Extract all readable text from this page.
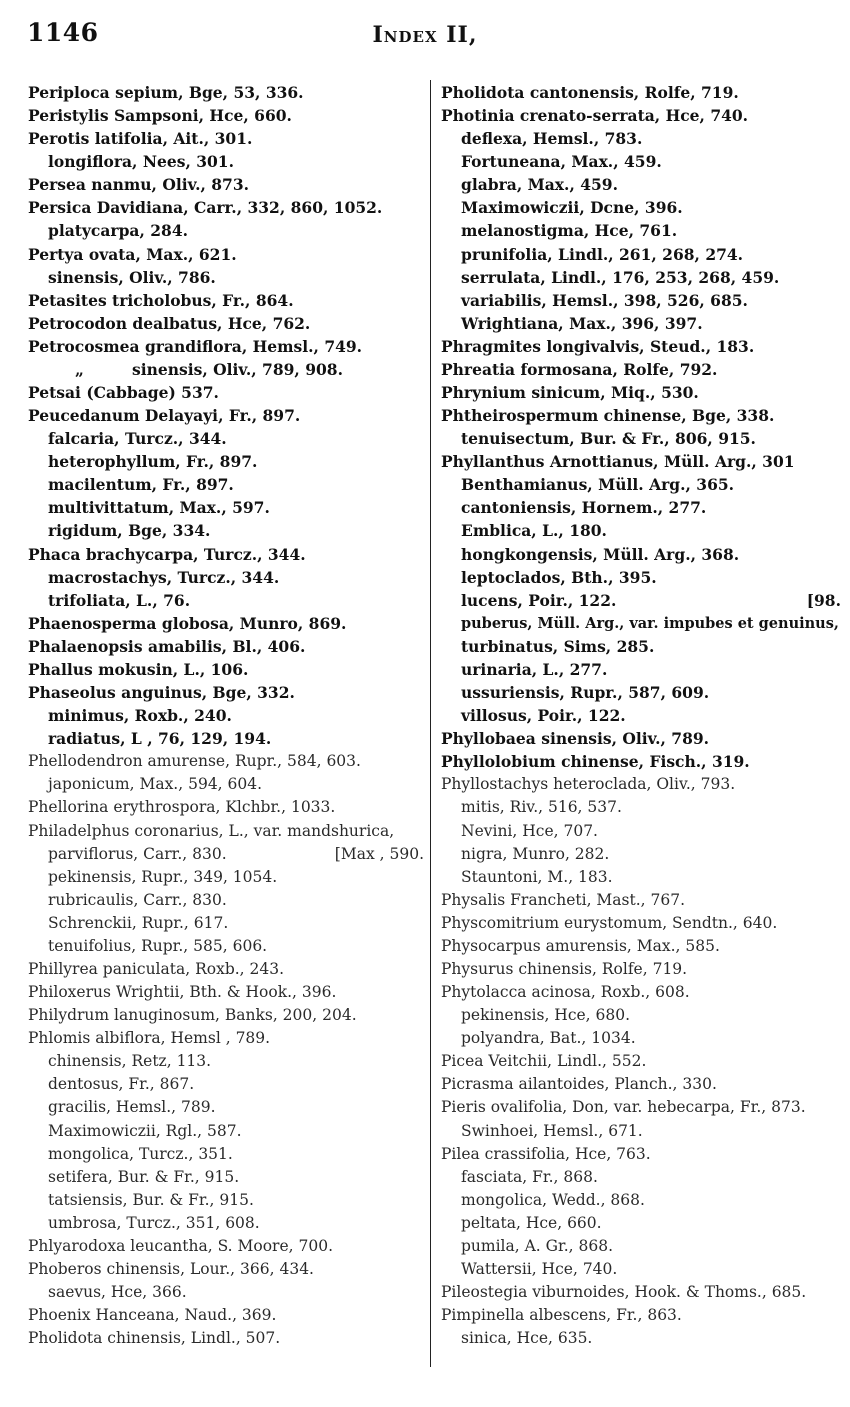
1146	Index II,
Periploca sepium, Bge, 53, 336.
Peristylis Sampsoni, Hce, 660.
Perotis latifolia, Ait., 301.
longiflora, Nees, 301.
Persea nanmu, Oliv., 873.
Persica Davidiana, Carr., 332, 860, 1052.
platycarpa, 284.
Pertya ovata, Max., 621.
sinensis, Oliv., 786.
Petasites tricholobus, Fr., 864.
Petrocodon dealbatus, Hce, 762.
Petrocosmea grandiflora, Hemsl., 749.
„	sinensis, Oliv., 789, 908.
Petsai (Cabbage) 537.
Peucedanum Delayayi, Fr., 897.
falcaria, Turcz., 344.
heterophyllum, Fr., 897.
macilentum, Fr., 897.
multivittatum, Max., 597.
rigidum, Bge, 334.
Phaca brachycarpa, Turcz., 344.
macrostachys, Turcz., 344.
trifoliata, L., 76.
Phaenosperma globosa, Munro, 869.
Phalaenopsis amabilis, Bl., 406.
Phallus mokusin, L., 106.
Phaseolus anguinus, Bge, 332.
minimus, Roxb., 240.
radiatus, L , 76, 129, 194.
Phellodendron amurense, Rupr., 584, 603.
japonicum, Max., 594, 604.
Phellorina erythrospora, Klchbr., 1033.
Philadelphus coronarius, L., var. mandshurica,
parviflorus, Carr., 830.	[Max , 590.
pekinensis, Rupr., 349, 1054.
rubricaulis, Carr., 830.
Schrenckii, Rupr., 617.
tenuifolius, Rupr., 585, 606.
Phillyrea paniculata, Roxb., 243.
Philoxerus Wrightii, Bth. & Hook., 396.
Philydrum lanuginosum, Banks, 200, 204.
Phlomis albiflora, Hemsl , 789.
chinensis, Retz, 113.
dentosus, Fr., 867.
gracilis, Hemsl., 789.
Maximowiczii, Rgl., 587.
mongolica, Turcz., 351.
setifera, Bur. & Fr., 915.
tatsiensis, Bur. & Fr., 915.
umbrosa, Turcz., 351, 608.
Phlyarodoxa leucantha, S. Moore, 700.
Phoberos chinensis, Lour., 366, 434.
saevus, Hce, 366.
Phoenix Hanceana, Naud., 369.
Pholidota chinensis, Lindl., 507.
Pholidota cantonensis, Rolfe, 719.
Photinia crenato-serrata, Hce, 740.
deflexa, Hemsl., 783.
Fortuneana, Max., 459.
glabra, Max., 459.
Maximowiczii, Dcne, 396.
melanostigma, Hce, 761.
prunifolia, Lindl., 261, 268, 274.
serrulata, Lindl., 176, 253, 268, 459.
variabilis, Hemsl., 398, 526, 685.
Wrightiana, Max., 396, 397.
Phragmites longivalvis, Steud., 183.
Phreatia formosana, Rolfe, 792.
Phrynium sinicum, Miq., 530.
Phtheirospermum chinense, Bge, 338.
tenuisectum, Bur. & Fr., 806, 915.
Phyllanthus Arnottianus, Müll. Arg., 301
Benthamianus, Müll. Arg., 365.
cantoniensis, Hornem., 277.
Emblica, L., 180.
hongkongensis, Müll. Arg., 368.
leptoclados, Bth., 395.
lucens, Poir., 122.	[98.
puberus, Müll. Arg., var. impubes et genuinus,
turbinatus, Sims, 285.
urinaria, L., 277.
ussuriensis, Rupr., 587, 609.
villosus, Poir., 122.
Phyllobaea sinensis, Oliv., 789.
Phyllolobium chinense, Fisch., 319.
Phyllostachys heteroclada, Oliv., 793.
mitis, Riv., 516, 537.
Nevini, Hce, 707.
nigra, Munro, 282.
Stauntoni, M., 183.
Physalis Francheti, Mast., 767.
Physcomitrium eurystomum, Sendtn., 640.
Physocarpus amurensis, Max., 585.
Physurus chinensis, Rolfe, 719.
Phytolacca acinosa, Roxb., 608.
pekinensis, Hce, 680.
polyandra, Bat., 1034.
Picea Veitchii, Lindl., 552.
Picrasma ailantoides, Planch., 330.
Pieris ovalifolia, Don, var. hebecarpa, Fr., 873.
Swinhoei, Hemsl., 671.
Pilea crassifolia, Hce, 763.
fasciata, Fr., 868.
mongolica, Wedd., 868.
peltata, Hce, 660.
pumila, A. Gr., 868.
Wattersii, Hce, 740.
Pileostegia viburnoides, Hook. & Thoms., 685.
Pimpinella albescens, Fr., 863.
sinica, Hce, 635.
